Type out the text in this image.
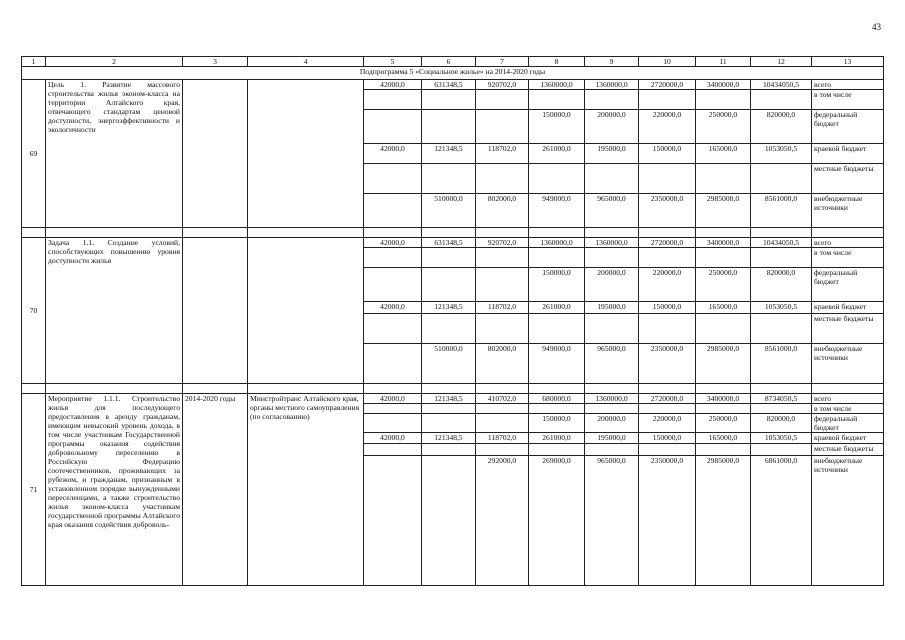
43
1	2	3	4	5	6	7	8	9	10	11	12	13
Подпрограмма 5 «Социальное жилье» на 2014-2020 годы												
69	Цель 1. Развитие массового строительства жилья эконом-класса на территории Алтайского края, отвечающего стандартам ценовой доступности, энергоэффективности и экологичности			42000,0	631348,5	920702,0	1360000,0	1360000,0	2720000,0	3400000,0	10434050,5	всего
												в том числе
							150000,0	200000,0	220000,0	250000,0	820000,0	федеральный бюджет
				42000,0	121348,5	118702,0	261000,0	195000,0	150000,0	165000,0	1053050,5	краевой бюджет
												местные бюджеты
					510000,0	802000,0	949000,0	965000,0	2350000,0	2985000,0	8561000,0	внебюджетные источники

70	Задача 1.1. Создание условий, способствующих повышению уровня доступности жилья			42000,0	631348,5	920702,0	1360000,0	1360000,0	2720000,0	3400000,0	10434050,5	всего
												в том числе
							150000,0	200000,0	220000,0	250000,0	820000,0	федеральный бюджет
				42000,0	121348,5	118702,0	261000,0	195000,0	150000,0	165000,0	1053050,5	краевой бюджет
												местные бюджеты
					510000,0	802000,0	949000,0	965000,0	2350000,0	2985000,0	8561000,0	внебюджетные источники

71	Мероприятие 1.1.1. Строительство жилья для последующего предоставления в аренду гражданам, имеющим невысокий уровень дохода, в том числе участникам Государственной программы оказания содействия добровольному переселению в Российскую Федерацию соотечественников, проживающих за рубежом, и гражданам, признанным в установленном порядке вынужденными переселенцами, а также строительство жилья эконом-класса участникам государственной программы Алтайского края оказания содействия доброволь-	2014-2020 годы	Минстройтранс Алтайского края, органы местного самоуправления (по согласованию)	42000,0	121348,5	410702,0	680000,0	1360000,0	2720000,0	3400000,0	8734050,5	всего
												в том числе
							150000,0	200000,0	220000,0	250000,0	820000,0	федеральный бюджет
				42000,0	121348,5	118702,0	261000,0	195000,0	150000,0	165000,0	1053050,5	краевой бюджет
												местные бюджеты
						292000,0	269000,0	965000,0	2350000,0	2985000,0	6861000,0	внебюджетные источники
